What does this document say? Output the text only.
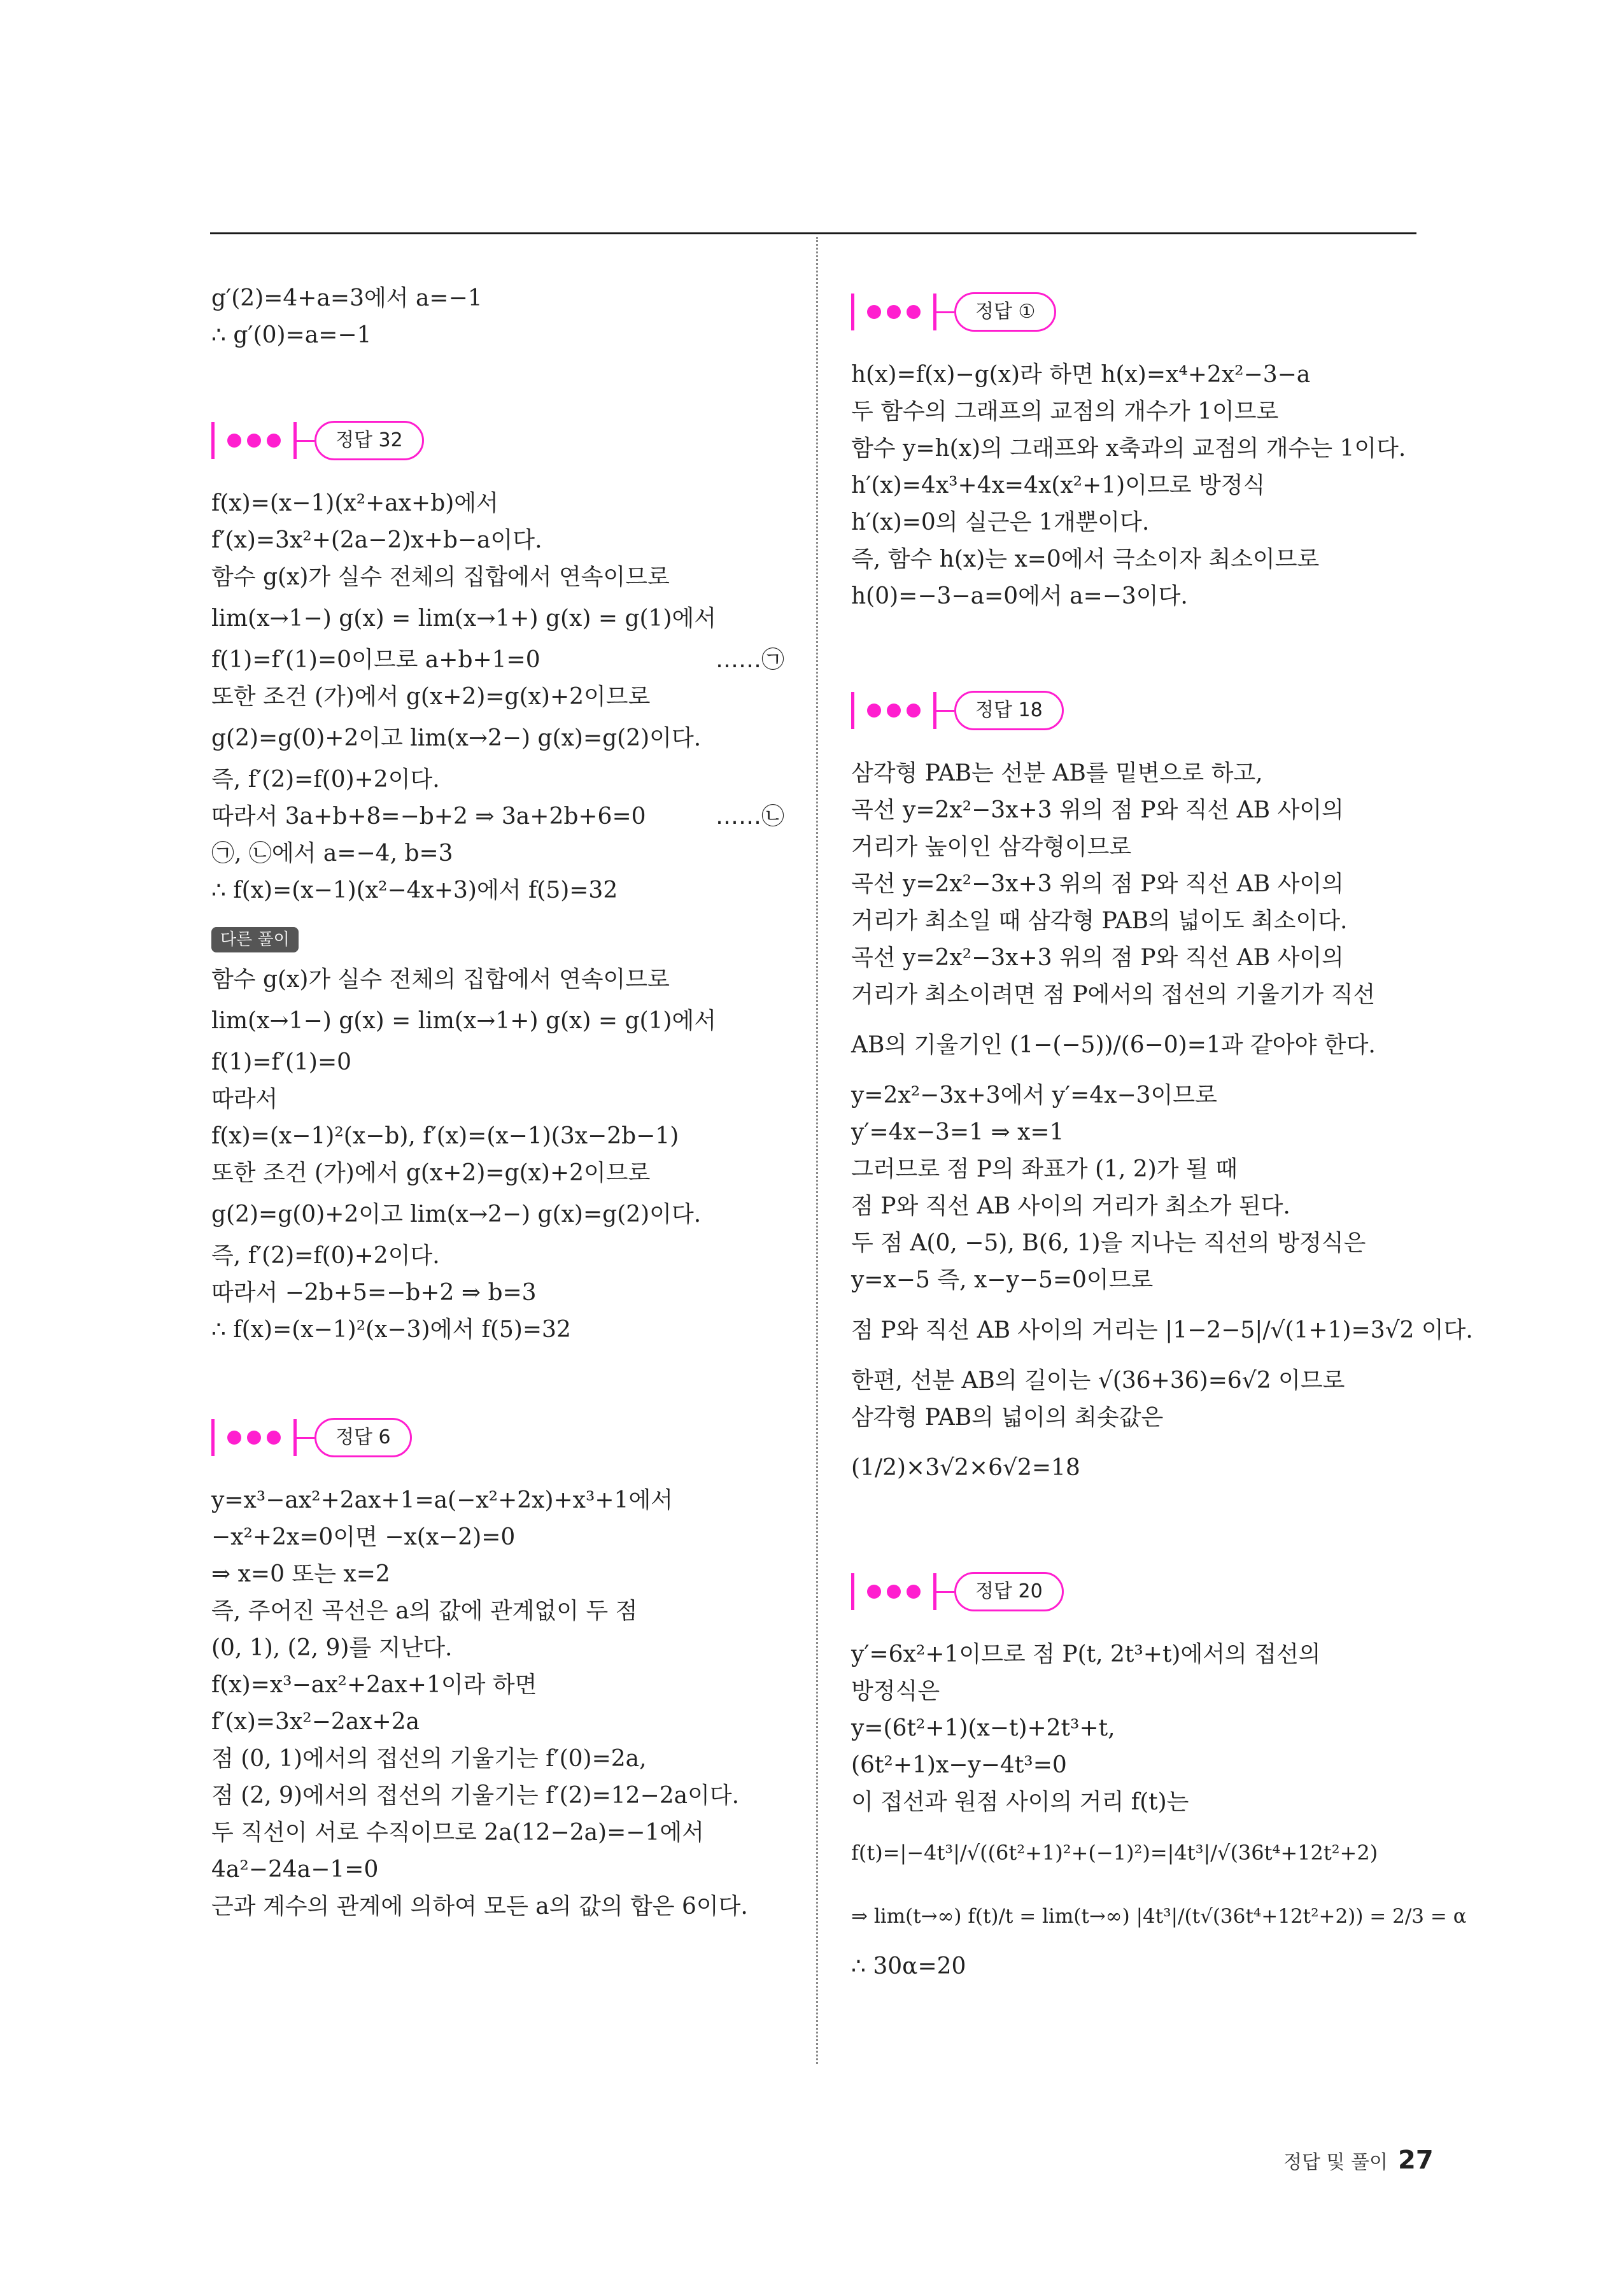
g′(2)=4+a=3에서 a=−1
∴ g′(0)=a=−1
정답 32
f(x)=(x−1)(x²+ax+b)에서
f′(x)=3x²+(2a−2)x+b−a이다.
함수 g(x)가 실수 전체의 집합에서 연속이므로
lim(x→1−) g(x) = lim(x→1+) g(x) = g(1)에서
f(1)=f′(1)=0이므로 a+b+1=0	……㉠
또한 조건 (가)에서 g(x+2)=g(x)+2이므로
g(2)=g(0)+2이고 lim(x→2−) g(x)=g(2)이다.
즉, f′(2)=f(0)+2이다.
따라서 3a+b+8=−b+2 ⇒ 3a+2b+6=0	……㉡
㉠, ㉡에서 a=−4, b=3
∴ f(x)=(x−1)(x²−4x+3)에서 f(5)=32
다른 풀이
함수 g(x)가 실수 전체의 집합에서 연속이므로
lim(x→1−) g(x) = lim(x→1+) g(x) = g(1)에서
f(1)=f′(1)=0
따라서
f(x)=(x−1)²(x−b), f′(x)=(x−1)(3x−2b−1)
또한 조건 (가)에서 g(x+2)=g(x)+2이므로
g(2)=g(0)+2이고 lim(x→2−) g(x)=g(2)이다.
즉, f′(2)=f(0)+2이다.
따라서 −2b+5=−b+2 ⇒ b=3
∴ f(x)=(x−1)²(x−3)에서 f(5)=32
정답 6
y=x³−ax²+2ax+1=a(−x²+2x)+x³+1에서
−x²+2x=0이면 −x(x−2)=0
⇒ x=0 또는 x=2
즉, 주어진 곡선은 a의 값에 관계없이 두 점
(0, 1), (2, 9)를 지난다.
f(x)=x³−ax²+2ax+1이라 하면
f′(x)=3x²−2ax+2a
점 (0, 1)에서의 접선의 기울기는 f′(0)=2a,
점 (2, 9)에서의 접선의 기울기는 f′(2)=12−2a이다.
두 직선이 서로 수직이므로 2a(12−2a)=−1에서
4a²−24a−1=0
근과 계수의 관계에 의하여 모든 a의 값의 합은 6이다.
정답 ①
h(x)=f(x)−g(x)라 하면 h(x)=x⁴+2x²−3−a
두 함수의 그래프의 교점의 개수가 1이므로
함수 y=h(x)의 그래프와 x축과의 교점의 개수는 1이다.
h′(x)=4x³+4x=4x(x²+1)이므로 방정식
h′(x)=0의 실근은 1개뿐이다.
즉, 함수 h(x)는 x=0에서 극소이자 최소이므로
h(0)=−3−a=0에서 a=−3이다.
정답 18
삼각형 PAB는 선분 AB를 밑변으로 하고,
곡선 y=2x²−3x+3 위의 점 P와 직선 AB 사이의
거리가 높이인 삼각형이므로
곡선 y=2x²−3x+3 위의 점 P와 직선 AB 사이의
거리가 최소일 때 삼각형 PAB의 넓이도 최소이다.
곡선 y=2x²−3x+3 위의 점 P와 직선 AB 사이의
거리가 최소이려면 점 P에서의 접선의 기울기가 직선
AB의 기울기인 (1−(−5))/(6−0)=1과 같아야 한다.
y=2x²−3x+3에서 y′=4x−3이므로
y′=4x−3=1 ⇒ x=1
그러므로 점 P의 좌표가 (1, 2)가 될 때
점 P와 직선 AB 사이의 거리가 최소가 된다.
두 점 A(0, −5), B(6, 1)을 지나는 직선의 방정식은
y=x−5 즉, x−y−5=0이므로
점 P와 직선 AB 사이의 거리는 |1−2−5|/√(1+1)=3√2 이다.
한편, 선분 AB의 길이는 √(36+36)=6√2 이므로
삼각형 PAB의 넓이의 최솟값은
(1/2)×3√2×6√2=18
정답 20
y′=6x²+1이므로 점 P(t, 2t³+t)에서의 접선의
방정식은
y=(6t²+1)(x−t)+2t³+t,
(6t²+1)x−y−4t³=0
이 접선과 원점 사이의 거리 f(t)는
f(t)=|−4t³|/√((6t²+1)²+(−1)²)=|4t³|/√(36t⁴+12t²+2)
⇒ lim(t→∞) f(t)/t = lim(t→∞) |4t³|/(t√(36t⁴+12t²+2)) = 2/3 = α
∴ 30α=20
정답 및 풀이 27
